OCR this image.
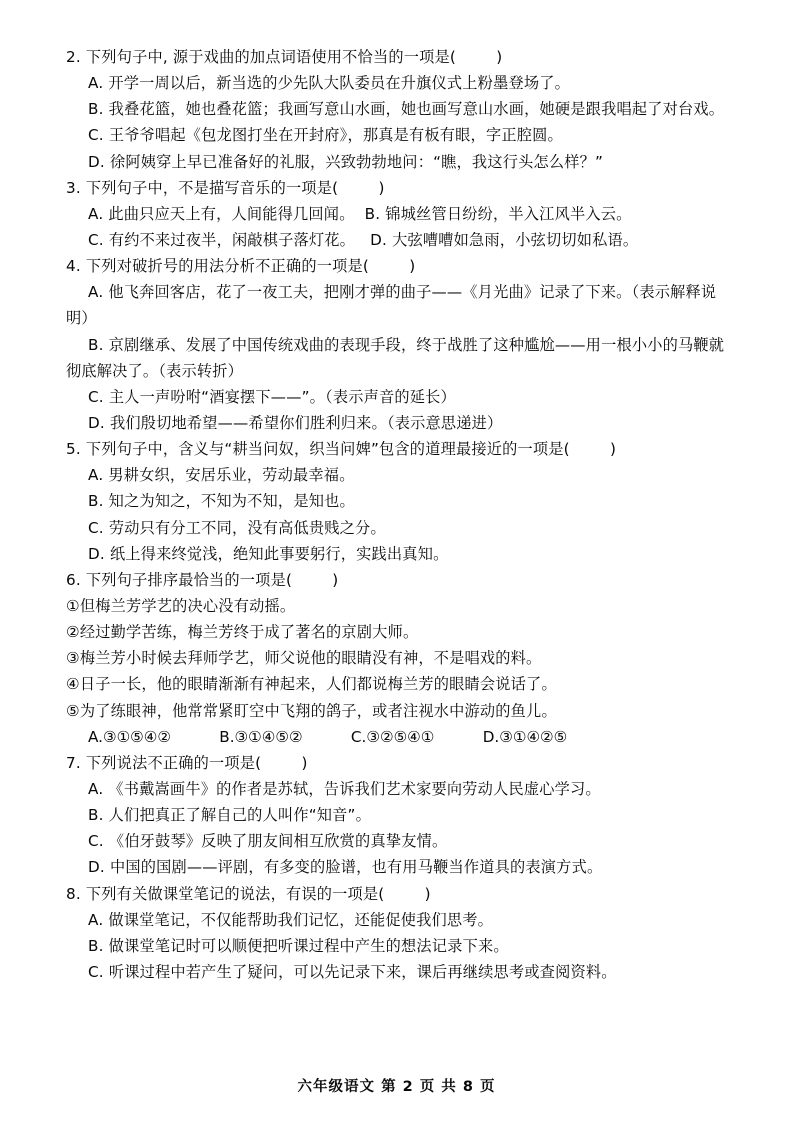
2. 下列句子中, 源于戏曲的加点词语使用不恰当的一项是(        )
A. 开学一周以后，新当选的少先队大队委员在升旗仪式上粉墨登场了。
B. 我叠花篮，她也叠花篮；我画写意山水画，她也画写意山水画，她硬是跟我唱起了对台戏。
C. 王爷爷唱起《包龙图打坐在开封府》，那真是有板有眼，字正腔圆。
D. 徐阿姨穿上早已准备好的礼服，兴致勃勃地问：“瞧，我这行头怎么样？”
3. 下列句子中，不是描写音乐的一项是(        )
A. 此曲只应天上有，人间能得几回闻。  B. 锦城丝管日纷纷，半入江风半入云。
C. 有约不来过夜半，闲敲棋子落灯花。   D. 大弦嘈嘈如急雨，小弦切切如私语。
4. 下列对破折号的用法分析不正确的一项是(        )
A. 他飞奔回客店，花了一夜工夫，把刚才弹的曲子——《月光曲》记录了下来。（表示解释说明）
B. 京剧继承、发展了中国传统戏曲的表现手段，终于战胜了这种尴尬——用一根小小的马鞭就彻底解决了。（表示转折）
C. 主人一声吩咐“酒宴摆下——”。（表示声音的延长）
D. 我们殷切地希望——希望你们胜利归来。（表示意思递进）
5. 下列句子中，含义与“耕当问奴，织当问婢”包含的道理最接近的一项是(        )
A. 男耕女织，安居乐业，劳动最幸福。
B. 知之为知之，不知为不知，是知也。
C. 劳动只有分工不同，没有高低贵贱之分。
D. 纸上得来终觉浅，绝知此事要躬行，实践出真知。
6. 下列句子排序最恰当的一项是(        )
①但梅兰芳学艺的决心没有动摇。
②经过勤学苦练，梅兰芳终于成了著名的京剧大师。
③梅兰芳小时候去拜师学艺，师父说他的眼睛没有神，不是唱戏的料。
④日子一长，他的眼睛渐渐有神起来，人们都说梅兰芳的眼睛会说话了。
⑤为了练眼神，他常常紧盯空中飞翔的鸽子，或者注视水中游动的鱼儿。
A.③①⑤④②          B.③①④⑤②          C.③②⑤④①          D.③①④②⑤
7. 下列说法不正确的一项是(        )
A. 《书戴嵩画牛》的作者是苏轼，告诉我们艺术家要向劳动人民虚心学习。
B. 人们把真正了解自己的人叫作“知音”。
C. 《伯牙鼓琴》反映了朋友间相互欣赏的真挚友情。
D. 中国的国剧——评剧，有多变的脸谱，也有用马鞭当作道具的表演方式。
8. 下列有关做课堂笔记的说法，有误的一项是(        )
A. 做课堂笔记，不仅能帮助我们记忆，还能促使我们思考。
B. 做课堂笔记时可以顺便把听课过程中产生的想法记录下来。
C. 听课过程中若产生了疑问，可以先记录下来，课后再继续思考或查阅资料。
六年级语文 第 2 页 共 8 页
